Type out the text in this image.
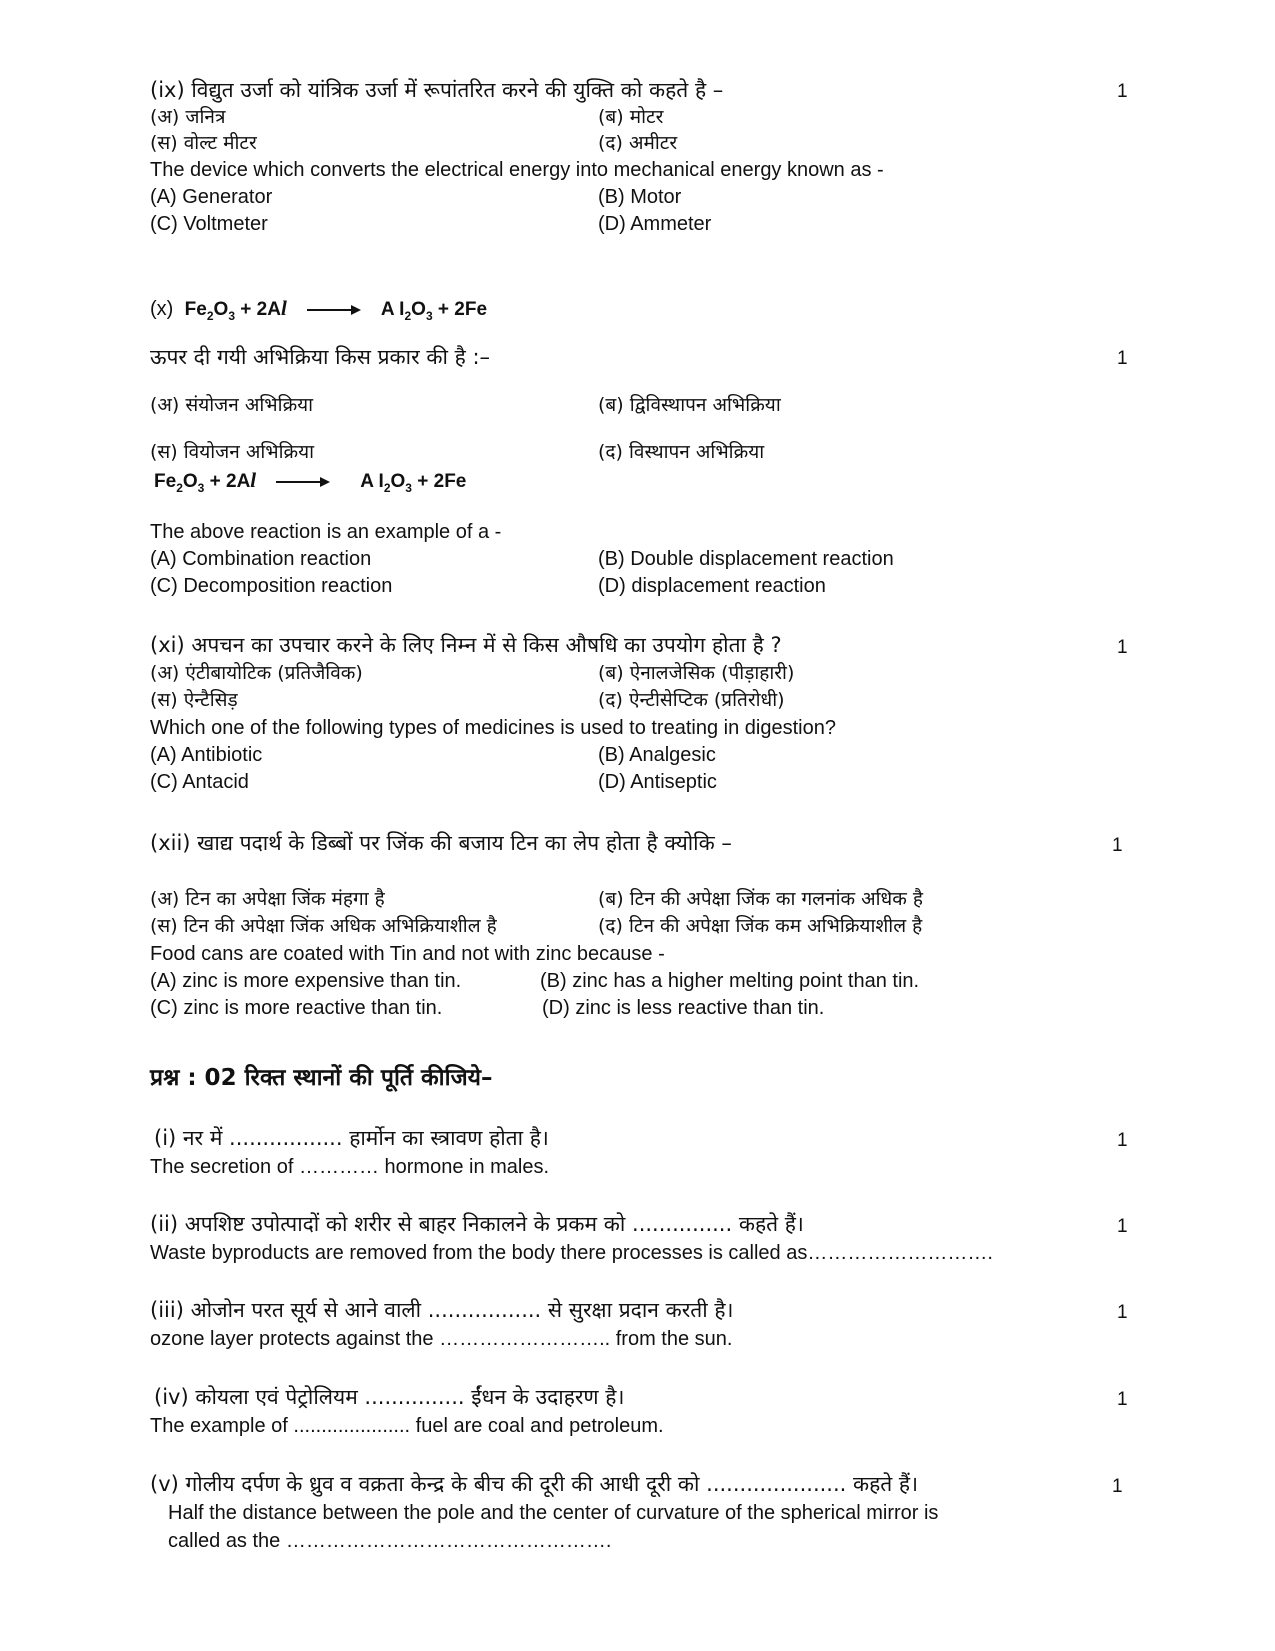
(ix) विद्युत उर्जा को यांत्रिक उर्जा में रूपांतरित करने की युक्ति को कहते है –	1
(अ) जनित्र	(ब) मोटर
(स) वोल्ट मीटर	(द) अमीटर
The device which converts the electrical energy into mechanical energy known as -
(A) Generator	(B) Motor
(C) Voltmeter	(D) Ammeter
(x) $Fe_2O_3 + 2Al \to A$ $I_2O_3 + 2Fe$
ऊपर दी गयी अभिक्रिया किस प्रकार की है :–	1
(अ) संयोजन अभिक्रिया	(ब) द्विविस्थापन अभिक्रिया
(स) वियोजन अभिक्रिया	(द) विस्थापन अभिक्रिया
$Fe_2O_3 + 2Al \to A$ $I_2O_3 + 2Fe$
The above reaction is an example of a -
(A) Combination reaction	(B) Double displacement reaction
(C) Decomposition reaction	(D) displacement reaction
(xi) अपचन का उपचार करने के लिए निम्न में से किस औषधि का उपयोग होता है ?	1
(अ) एंटीबायोटिक (प्रतिजैविक)	(ब) ऐनालजेसिक (पीड़ाहारी)
(स) ऐन्टैसिड़	(द) ऐन्टीसेप्टिक (प्रतिरोधी)
Which one of the following types of medicines is used to treating in digestion?
(A) Antibiotic	(B) Analgesic
(C) Antacid	(D) Antiseptic
(xii) खाद्य पदार्थ के डिब्बों पर जिंक की बजाय टिन का लेप होता है क्योकि –	1
(अ) टिन का अपेक्षा जिंक मंहगा है	(ब) टिन की अपेक्षा जिंक का गलनांक अधिक है
(स) टिन की अपेक्षा जिंक अधिक अभिक्रियाशील है	(द) टिन की अपेक्षा जिंक कम अभिक्रियाशील है
Food cans are coated with Tin and not with zinc because -
(A) zinc is more expensive than tin.	(B) zinc has a higher melting point than tin.
(C) zinc is more reactive than tin.	(D) zinc is less reactive than tin.
प्रश्न : 02 रिक्त स्थानों की पूर्ति कीजिये–
(i) नर में ................. हार्मोन का स्त्रावण होता है।	1
The secretion of ………… hormone in males.
(ii) अपशिष्ट उपोत्पादों को शरीर से बाहर निकालने के प्रकम को ............... कहते हैं।	1
Waste byproducts are removed from the body there processes is called as……………………….
(iii) ओजोन परत सूर्य से आने वाली ................. से सुरक्षा प्रदान करती है।	1
ozone layer protects against the …………………….. from the sun.
(iv) कोयला एवं पेट्रोलियम ............... ईंधन के उदाहरण है।	1
The example of ..................... fuel are coal and petroleum.
(v) गोलीय दर्पण के ध्रुव व वक्रता केन्द्र के बीच की दूरी की आधी दूरी को ..................... कहते हैं।	1
Half the distance between the pole and the center of curvature of the spherical mirror is
called as the ………………………………………….
